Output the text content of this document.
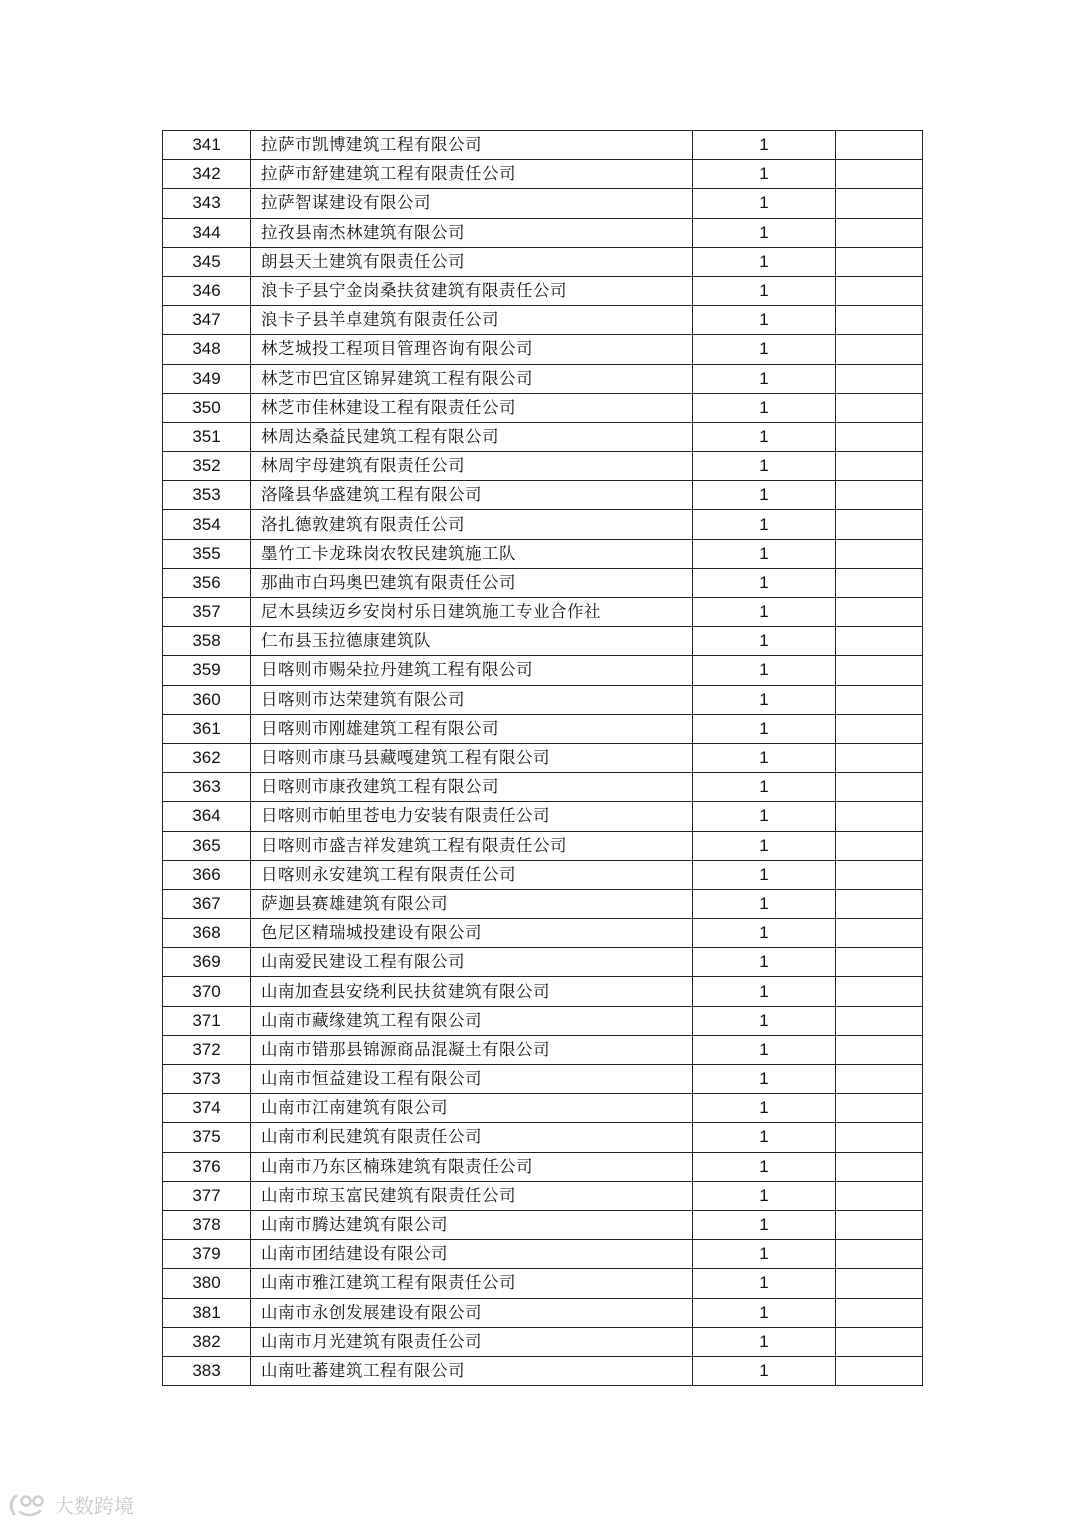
341	拉萨市凯博建筑工程有限公司	1	
342	拉萨市舒建建筑工程有限责任公司	1	
343	拉萨智谋建设有限公司	1	
344	拉孜县南杰林建筑有限公司	1	
345	朗县天土建筑有限责任公司	1	
346	浪卡子县宁金岗桑扶贫建筑有限责任公司	1	
347	浪卡子县羊卓建筑有限责任公司	1	
348	林芝城投工程项目管理咨询有限公司	1	
349	林芝市巴宜区锦昇建筑工程有限公司	1	
350	林芝市佳林建设工程有限责任公司	1	
351	林周达桑益民建筑工程有限公司	1	
352	林周宇母建筑有限责任公司	1	
353	洛隆县华盛建筑工程有限公司	1	
354	洛扎德敦建筑有限责任公司	1	
355	墨竹工卡龙珠岗农牧民建筑施工队	1	
356	那曲市白玛奥巴建筑有限责任公司	1	
357	尼木县续迈乡安岗村乐日建筑施工专业合作社	1	
358	仁布县玉拉德康建筑队	1	
359	日喀则市赐朵拉丹建筑工程有限公司	1	
360	日喀则市达荣建筑有限公司	1	
361	日喀则市刚雄建筑工程有限公司	1	
362	日喀则市康马县藏嘎建筑工程有限公司	1	
363	日喀则市康孜建筑工程有限公司	1	
364	日喀则市帕里苍电力安装有限责任公司	1	
365	日喀则市盛吉祥发建筑工程有限责任公司	1	
366	日喀则永安建筑工程有限责任公司	1	
367	萨迦县赛雄建筑有限公司	1	
368	色尼区精瑞城投建设有限公司	1	
369	山南爱民建设工程有限公司	1	
370	山南加查县安绕利民扶贫建筑有限公司	1	
371	山南市藏缘建筑工程有限公司	1	
372	山南市错那县锦源商品混凝土有限公司	1	
373	山南市恒益建设工程有限公司	1	
374	山南市江南建筑有限公司	1	
375	山南市利民建筑有限责任公司	1	
376	山南市乃东区楠珠建筑有限责任公司	1	
377	山南市琼玉富民建筑有限责任公司	1	
378	山南市腾达建筑有限公司	1	
379	山南市团结建设有限公司	1	
380	山南市雅江建筑工程有限责任公司	1	
381	山南市永创发展建设有限公司	1	
382	山南市月光建筑有限责任公司	1	
383	山南吐蕃建筑工程有限公司	1	
大数跨境
